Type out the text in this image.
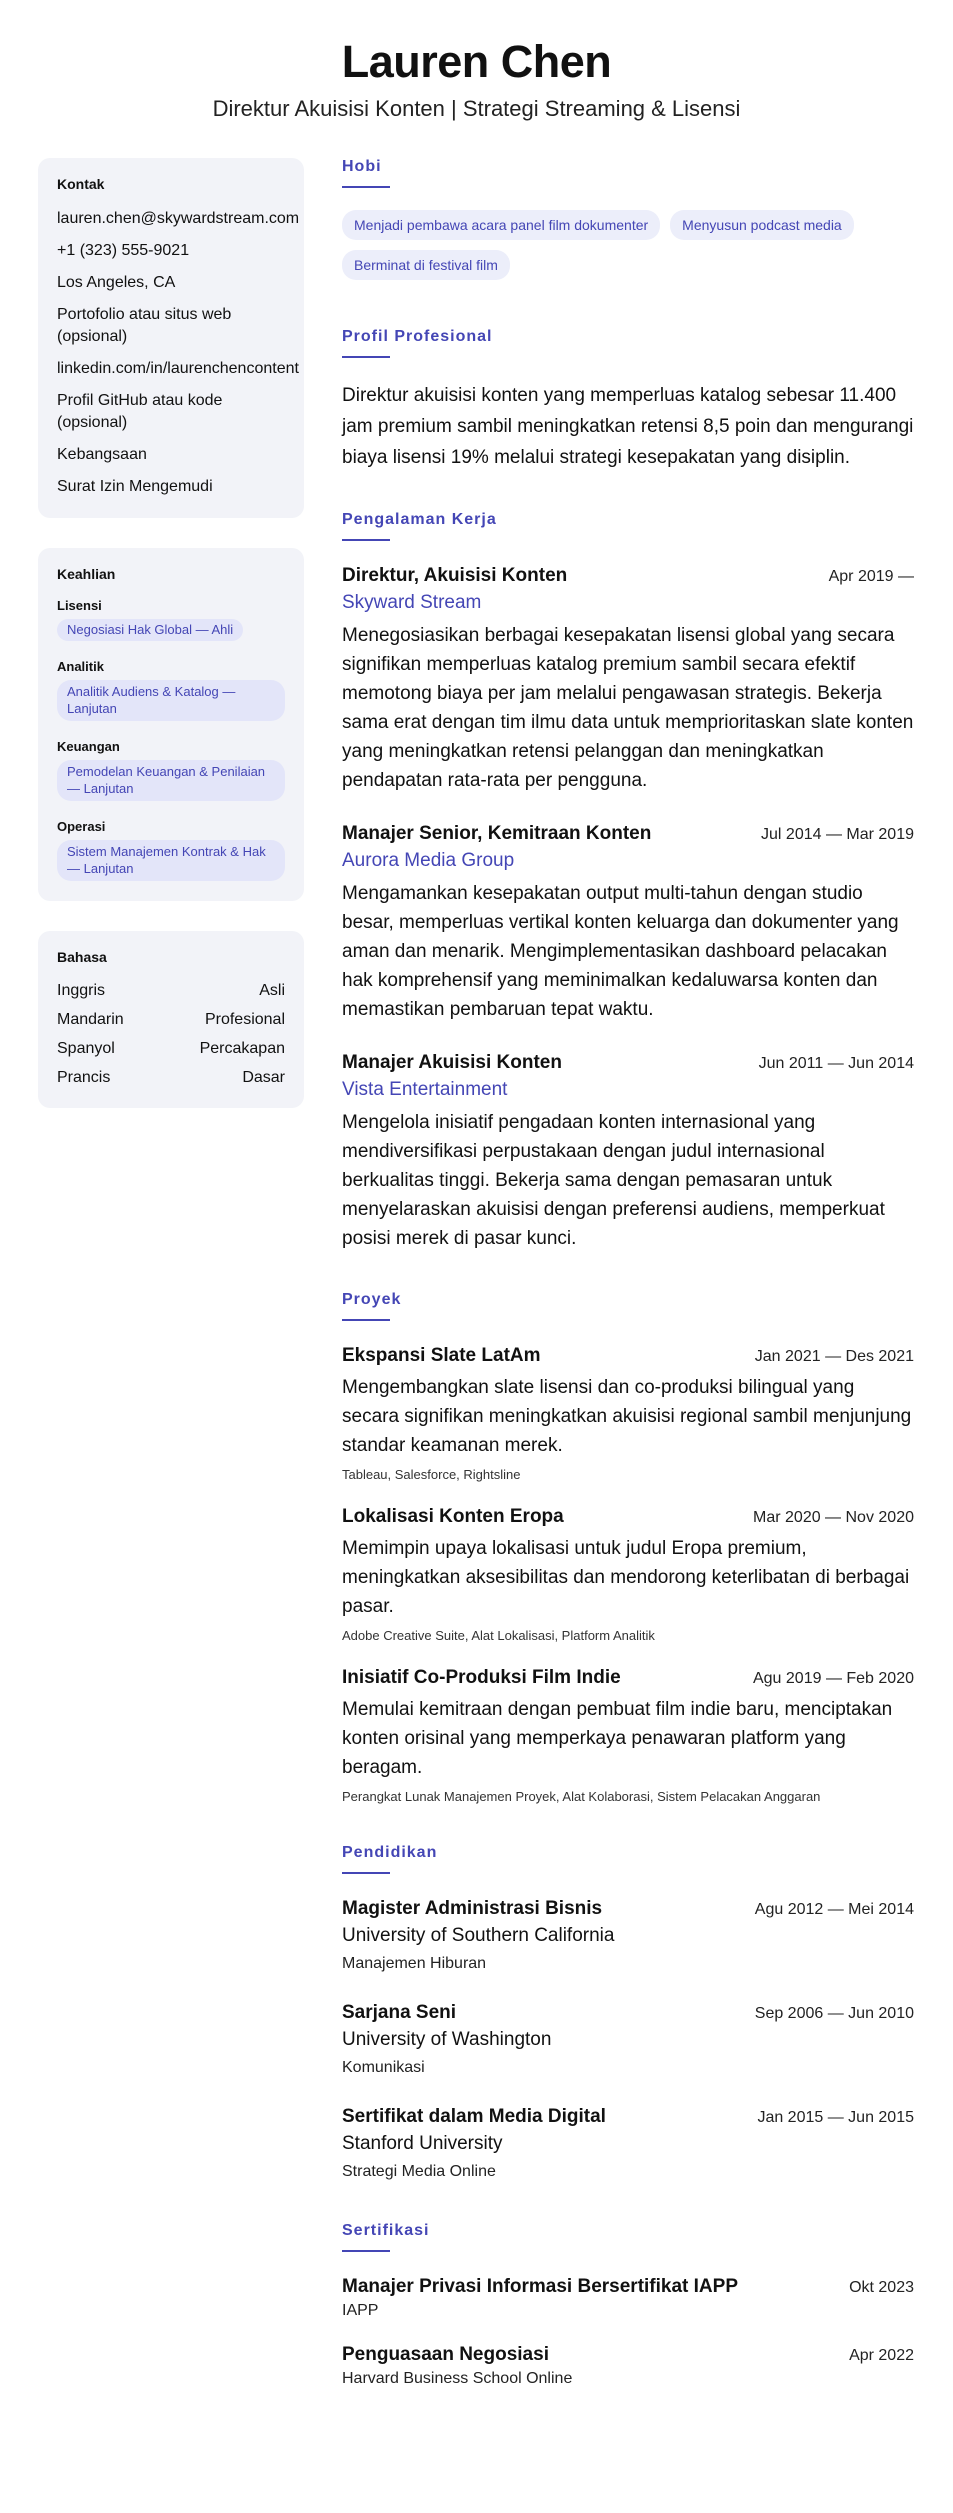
Lauren Chen
Direktur Akuisisi Konten | Strategi Streaming & Lisensi
Kontak
lauren.chen@skywardstream.com
+1 (323) 555-9021
Los Angeles, CA
Portofolio atau situs web (opsional)
linkedin.com/in/laurenchencontent
Profil GitHub atau kode (opsional)
Kebangsaan
Surat Izin Mengemudi
Keahlian
Lisensi
Negosiasi Hak Global — Ahli
Analitik
Analitik Audiens & Katalog — Lanjutan
Keuangan
Pemodelan Keuangan & Penilaian — Lanjutan
Operasi
Sistem Manajemen Kontrak & Hak — Lanjutan
Bahasa
Inggris	Asli
Mandarin	Profesional
Spanyol	Percakapan
Prancis	Dasar
Hobi
Menjadi pembawa acara panel film dokumenter	Menyusun podcast media
Berminat di festival film
Profil Profesional
Direktur akuisisi konten yang memperluas katalog sebesar 11.400 jam premium sambil meningkatkan retensi 8,5 poin dan mengurangi biaya lisensi 19% melalui strategi kesepakatan yang disiplin.
Pengalaman Kerja
Direktur, Akuisisi Konten	Apr 2019 —
Skyward Stream
Menegosiasikan berbagai kesepakatan lisensi global yang secara signifikan memperluas katalog premium sambil secara efektif memotong biaya per jam melalui pengawasan strategis. Bekerja sama erat dengan tim ilmu data untuk memprioritaskan slate konten yang meningkatkan retensi pelanggan dan meningkatkan pendapatan rata-rata per pengguna.
Manajer Senior, Kemitraan Konten	Jul 2014 — Mar 2019
Aurora Media Group
Mengamankan kesepakatan output multi-tahun dengan studio besar, memperluas vertikal konten keluarga dan dokumenter yang aman dan menarik. Mengimplementasikan dashboard pelacakan hak komprehensif yang meminimalkan kedaluwarsa konten dan memastikan pembaruan tepat waktu.
Manajer Akuisisi Konten	Jun 2011 — Jun 2014
Vista Entertainment
Mengelola inisiatif pengadaan konten internasional yang mendiversifikasi perpustakaan dengan judul internasional berkualitas tinggi. Bekerja sama dengan pemasaran untuk menyelaraskan akuisisi dengan preferensi audiens, memperkuat posisi merek di pasar kunci.
Proyek
Ekspansi Slate LatAm	Jan 2021 — Des 2021
Mengembangkan slate lisensi dan co-produksi bilingual yang secara signifikan meningkatkan akuisisi regional sambil menjunjung standar keamanan merek.
Tableau, Salesforce, Rightsline
Lokalisasi Konten Eropa	Mar 2020 — Nov 2020
Memimpin upaya lokalisasi untuk judul Eropa premium, meningkatkan aksesibilitas dan mendorong keterlibatan di berbagai pasar.
Adobe Creative Suite, Alat Lokalisasi, Platform Analitik
Inisiatif Co-Produksi Film Indie	Agu 2019 — Feb 2020
Memulai kemitraan dengan pembuat film indie baru, menciptakan konten orisinal yang memperkaya penawaran platform yang beragam.
Perangkat Lunak Manajemen Proyek, Alat Kolaborasi, Sistem Pelacakan Anggaran
Pendidikan
Magister Administrasi Bisnis	Agu 2012 — Mei 2014
University of Southern California
Manajemen Hiburan
Sarjana Seni	Sep 2006 — Jun 2010
University of Washington
Komunikasi
Sertifikat dalam Media Digital	Jan 2015 — Jun 2015
Stanford University
Strategi Media Online
Sertifikasi
Manajer Privasi Informasi Bersertifikat IAPP	Okt 2023
IAPP
Penguasaan Negosiasi	Apr 2022
Harvard Business School Online
